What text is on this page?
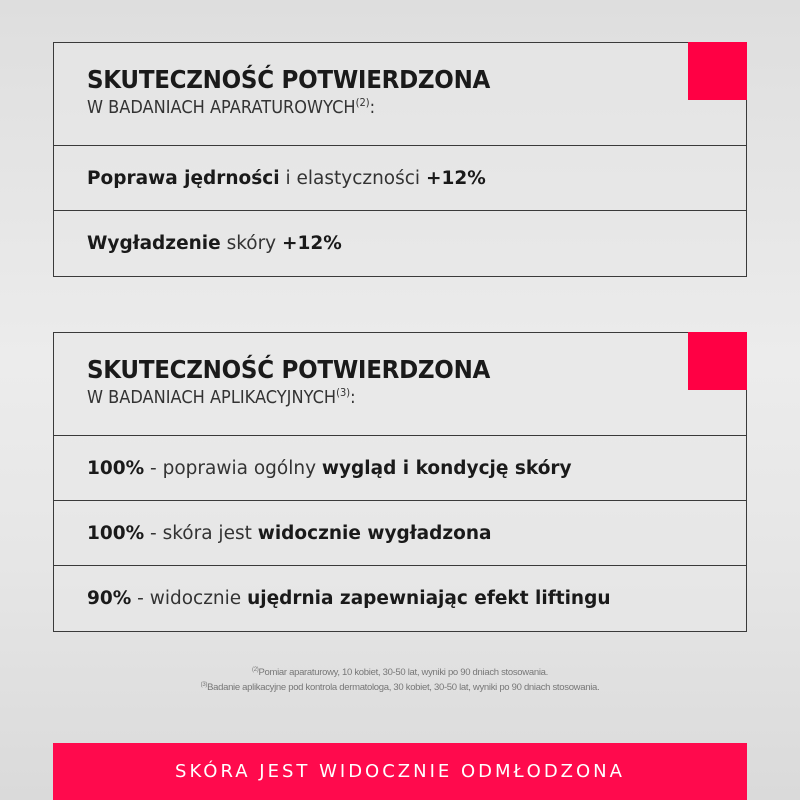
SKUTECZNOŚĆ POTWIERDZONA
W BADANIACH APARATUROWYCH$^{(2)}$:
Poprawa jędrności i elastyczności +12%
Wygładzenie skóry +12%
SKUTECZNOŚĆ POTWIERDZONA
W BADANIACH APLIKACYJNYCH$^{(3)}$:
100% - poprawia ogólny wygląd i kondycję skóry
100% - skóra jest widocznie wygładzona
90% - widocznie ujędrnia zapewniając efekt liftingu
$^{(2)}$Pomiar aparaturowy, 10 kobiet, 30-50 lat, wyniki po 90 dniach stosowania.
$^{(3)}$Badanie aplikacyjne pod kontrola dermatologa, 30 kobiet, 30-50 lat, wyniki po 90 dniach stosowania.
SKÓRA JEST WIDOCZNIE ODMŁODZONA
